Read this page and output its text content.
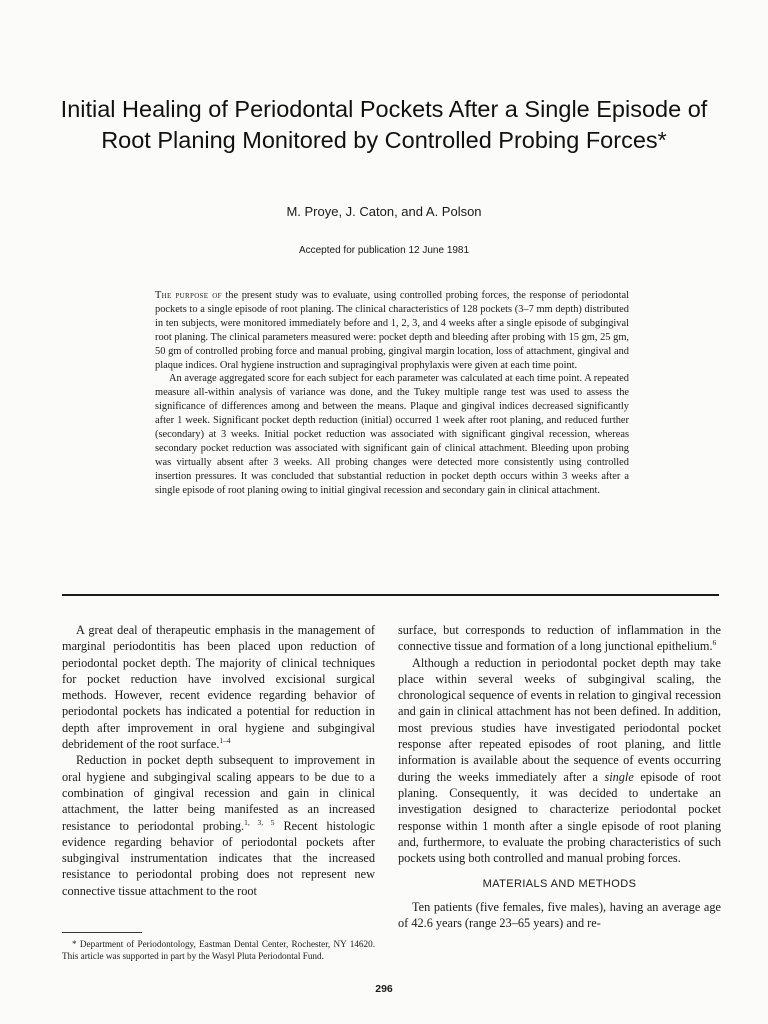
Initial Healing of Periodontal Pockets After a Single Episode of Root Planing Monitored by Controlled Probing Forces*
M. Proye, J. Caton, and A. Polson
Accepted for publication 12 June 1981

The purpose of the present study was to evaluate, using controlled probing forces, the response of periodontal pockets to a single episode of root planing. The clinical characteristics of 128 pockets (3–7 mm depth) distributed in ten subjects, were monitored immediately before and 1, 2, 3, and 4 weeks after a single episode of subgingival root planing. The clinical parameters measured were: pocket depth and bleeding after probing with 15 gm, 25 gm, 50 gm of controlled probing force and manual probing, gingival margin location, loss of attachment, gingival and plaque indices. Oral hygiene instruction and supragingival prophylaxis were given at each time point.

An average aggregated score for each subject for each parameter was calculated at each time point. A repeated measure all-within analysis of variance was done, and the Tukey multiple range test was used to assess the significance of differences among and between the means. Plaque and gingival indices decreased significantly after 1 week. Significant pocket depth reduction (initial) occurred 1 week after root planing, and reduced further (secondary) at 3 weeks. Initial pocket reduction was associated with significant gingival recession, whereas secondary pocket reduction was associated with significant gain of clinical attachment. Bleeding upon probing was virtually absent after 3 weeks. All probing changes were detected more consistently using controlled insertion pressures. It was concluded that substantial reduction in pocket depth occurs within 3 weeks after a single episode of root planing owing to initial gingival recession and secondary gain in clinical attachment.

A great deal of therapeutic emphasis in the management of marginal periodontitis has been placed upon reduction of periodontal pocket depth. The majority of clinical techniques for pocket reduction have involved excisional surgical methods. However, recent evidence regarding behavior of periodontal pockets has indicated a potential for reduction in depth after improvement in oral hygiene and subgingival debridement of the root surface.$^{1-4}$

Reduction in pocket depth subsequent to improvement in oral hygiene and subgingival scaling appears to be due to a combination of gingival recession and gain in clinical attachment, the latter being manifested as an increased resistance to periodontal probing.$^{1, 3, 5}$ Recent histologic evidence regarding behavior of periodontal pockets after subgingival instrumentation indicates that the increased resistance to periodontal probing does not represent new connective tissue attachment to the root

surface, but corresponds to reduction of inflammation in the connective tissue and formation of a long junctional epithelium.$^6$

Although a reduction in periodontal pocket depth may take place within several weeks of subgingival scaling, the chronological sequence of events in relation to gingival recession and gain in clinical attachment has not been defined. In addition, most previous studies have investigated periodontal pocket response after repeated episodes of root planing, and little information is available about the sequence of events occurring during the weeks immediately after a single episode of root planing. Consequently, it was decided to undertake an investigation designed to characterize periodontal pocket response within 1 month after a single episode of root planing and, furthermore, to evaluate the probing characteristics of such pockets using both controlled and manual probing forces.

MATERIALS AND METHODS

Ten patients (five females, five males), having an average age of 42.6 years (range 23–65 years) and re-

* Department of Periodontology, Eastman Dental Center, Rochester, NY 14620. This article was supported in part by the Wasyl Pluta Periodontal Fund.

296
